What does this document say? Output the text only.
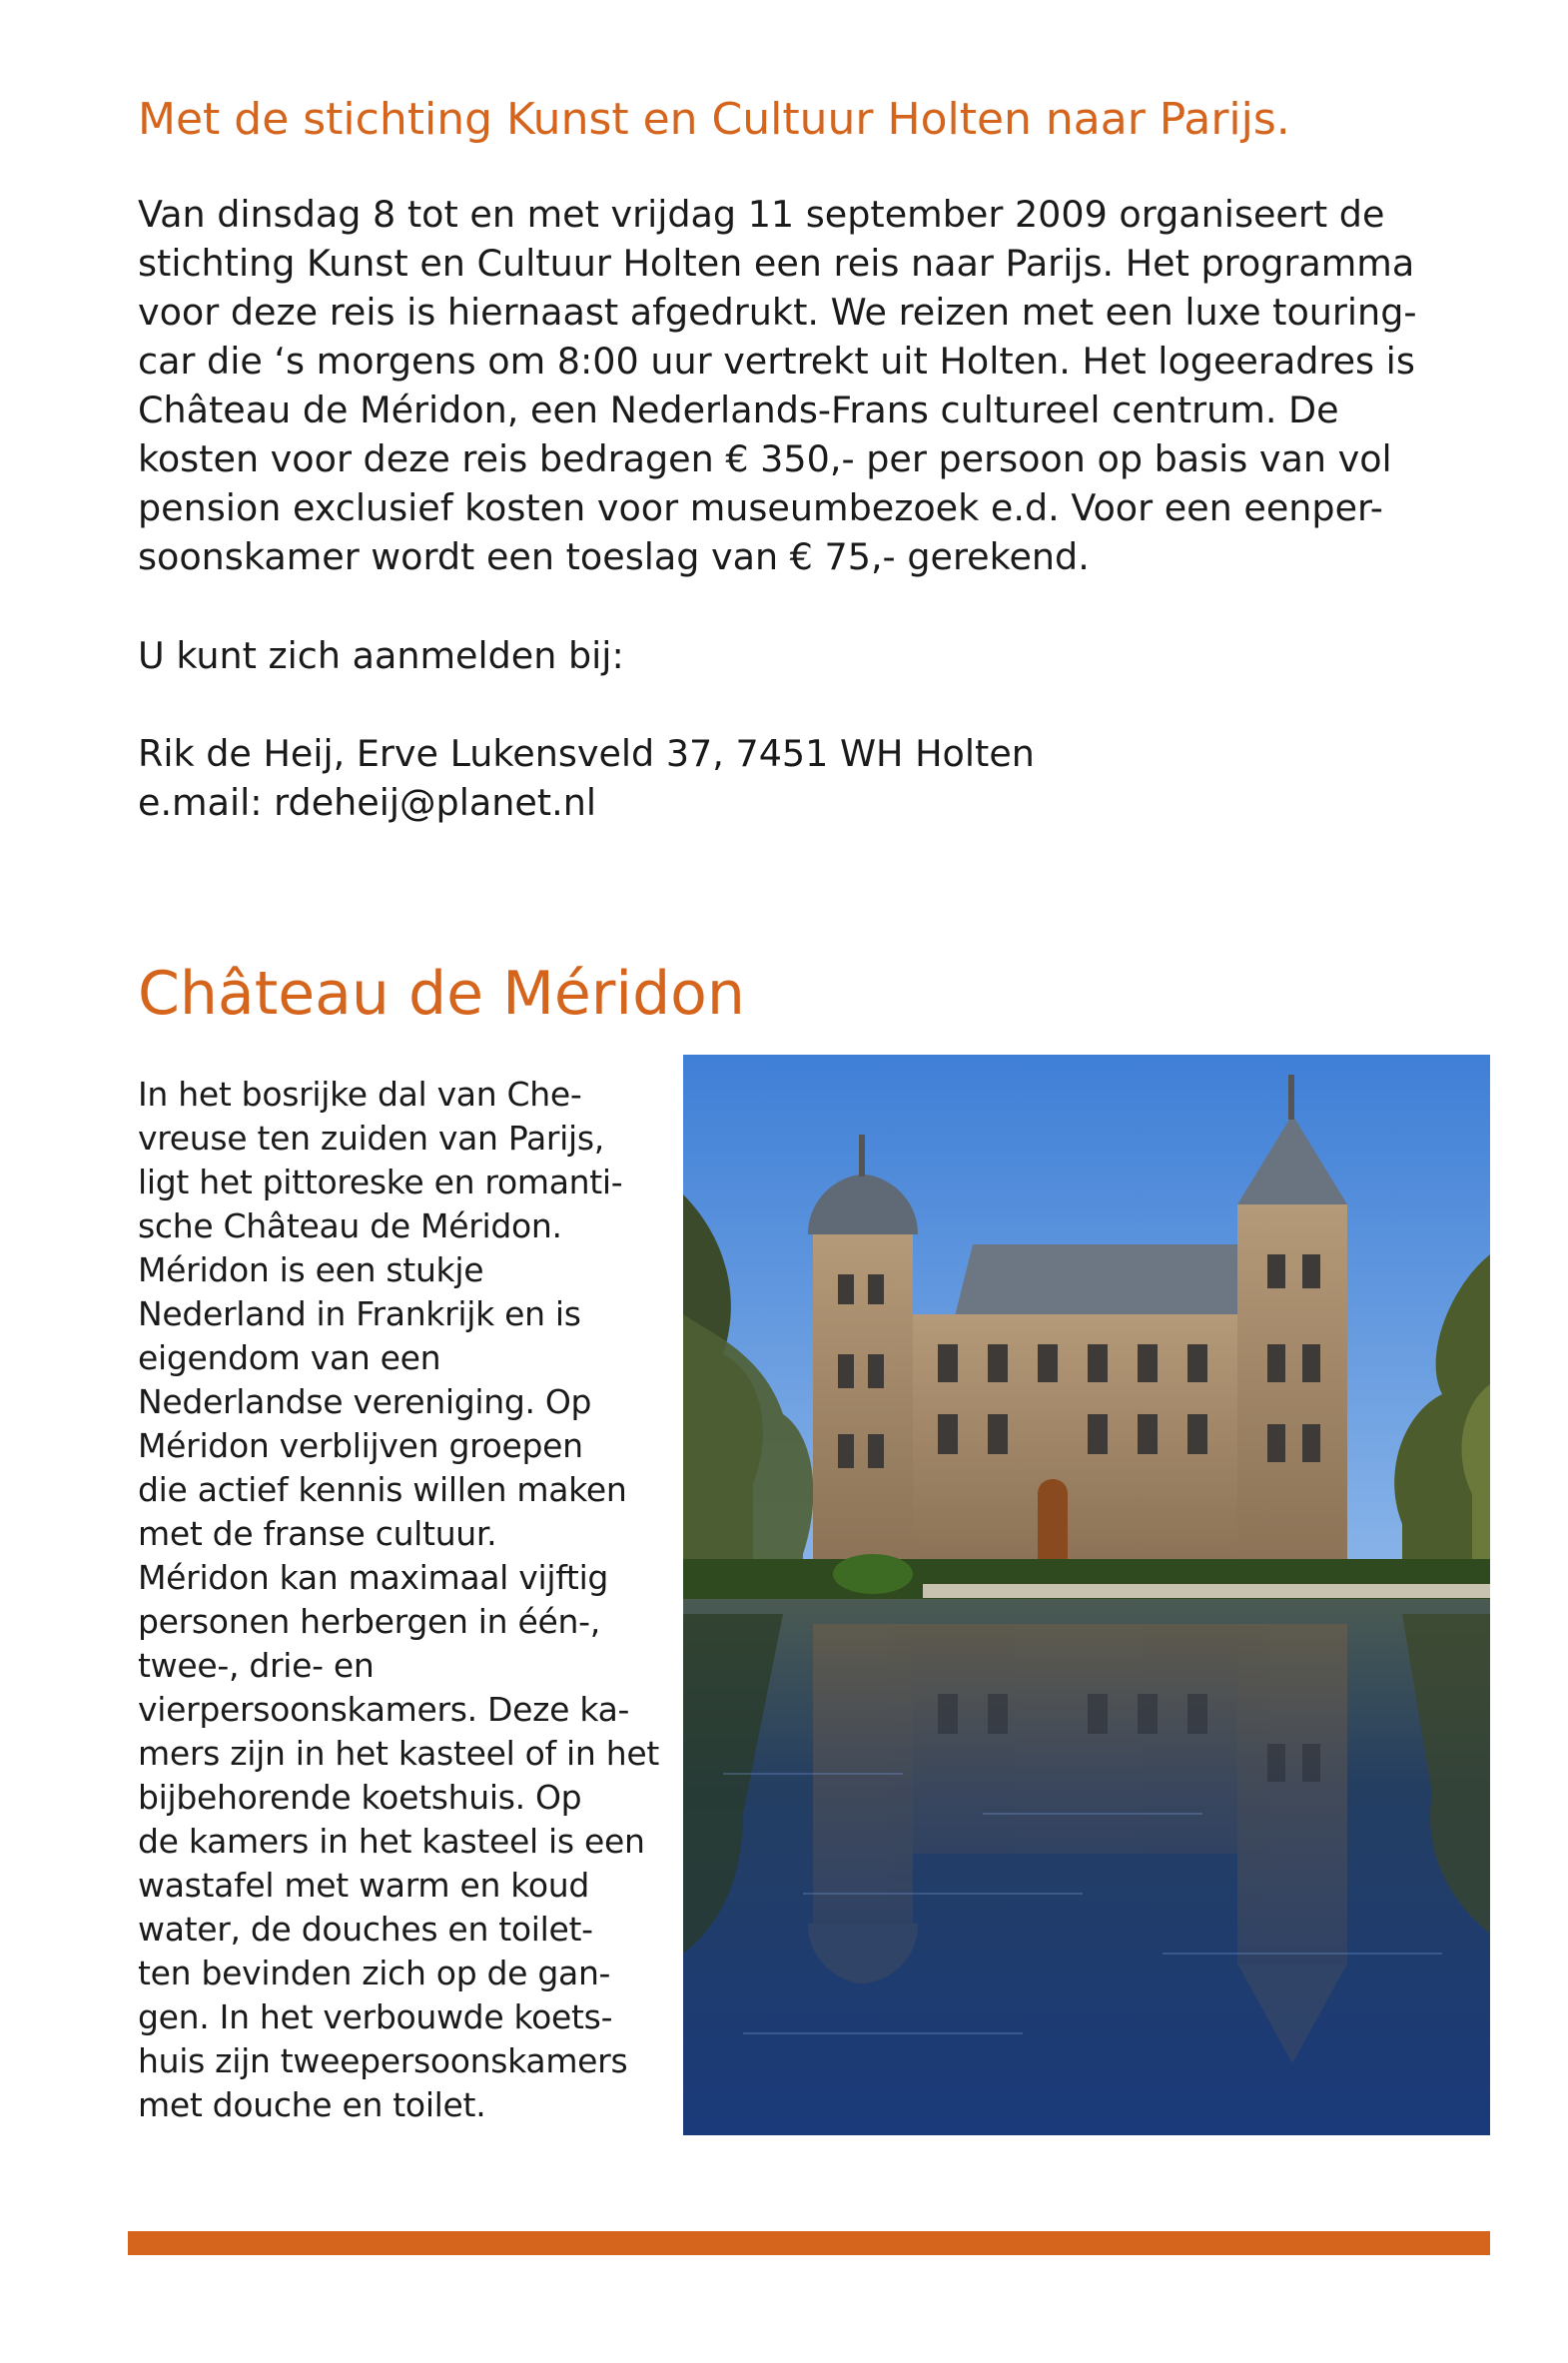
Met de stichting Kunst en Cultuur Holten naar Parijs.

Van dinsdag 8 tot en met vrijdag 11 september 2009 organiseert de
stichting Kunst en Cultuur Holten een reis naar Parijs. Het programma
voor deze reis is hiernaast afgedrukt. We reizen met een luxe touring-
car die ‘s morgens om 8:00 uur vertrekt uit Holten. Het logeeradres is
Château de Méridon, een Nederlands-Frans cultureel centrum. De
kosten voor deze reis bedragen € 350,- per persoon op basis van vol
pension exclusief kosten voor museumbezoek e.d. Voor een eenper-
soonskamer wordt een toeslag van € 75,- gerekend.

U kunt zich aanmelden bij:

Rik de Heij, Erve Lukensveld 37, 7451 WH Holten
e.mail: rdeheij@planet.nl

Château de Méridon

In het bosrijke dal van Che-
vreuse ten zuiden van Parijs,
ligt het pittoreske en romanti-
sche Château de Méridon.
Méridon is een stukje
Nederland in Frankrijk en is
eigendom van een
Nederlandse vereniging. Op
Méridon verblijven groepen
die actief kennis willen maken
met de franse cultuur.
Méridon kan maximaal vijftig
personen herbergen in één-,
twee-, drie- en
vierpersoonskamers. Deze ka-
mers zijn in het kasteel of in het
bijbehorende koetshuis. Op
de kamers in het kasteel is een
wastafel met warm en koud
water, de douches en toilet-
ten bevinden zich op de gan-
gen. In het verbouwde koets-
huis zijn tweepersoonskamers
met douche en toilet.
